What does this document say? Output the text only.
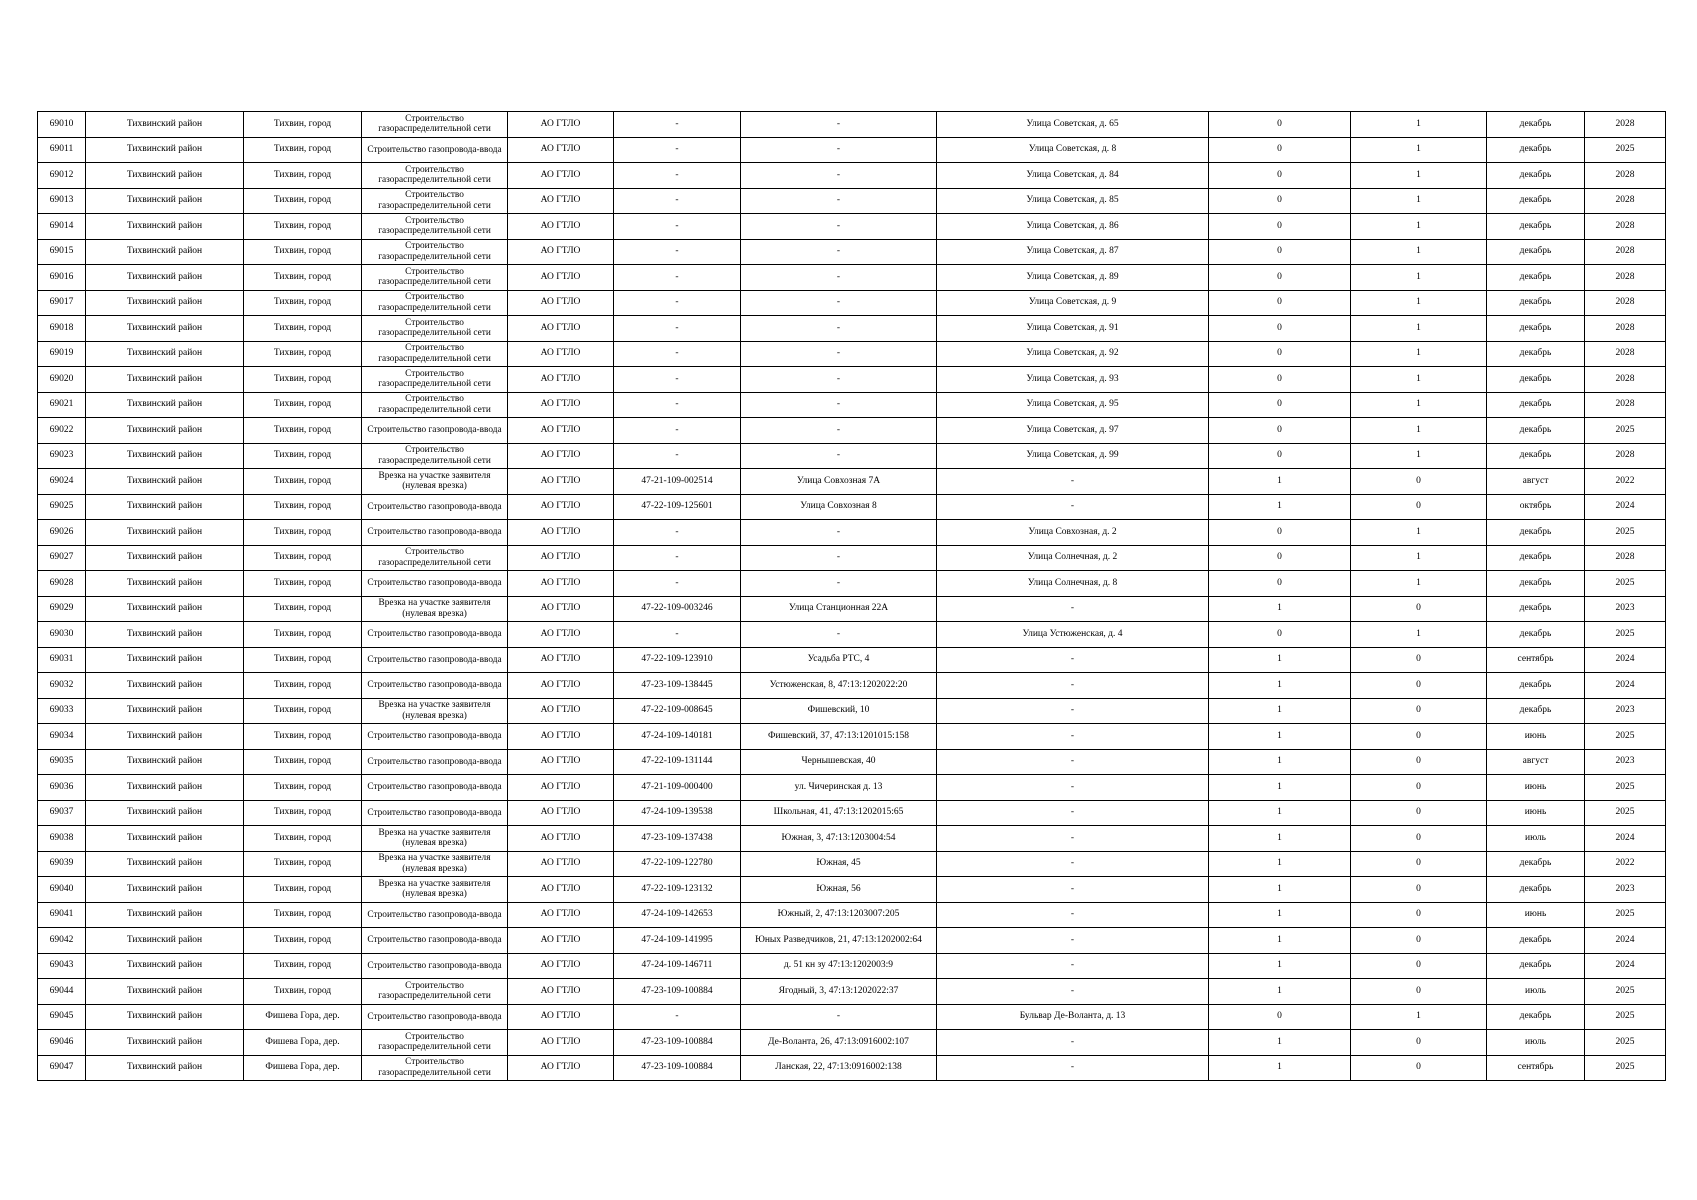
69010	Тихвинский район	Тихвин, город	Строительство газораспределительной сети	АО ГТЛО	-	-	Улица Советская, д. 65	0	1	декабрь	2028
69011	Тихвинский район	Тихвин, город	Строительство газопровода-ввода	АО ГТЛО	-	-	Улица Советская, д. 8	0	1	декабрь	2025
69012	Тихвинский район	Тихвин, город	Строительство газораспределительной сети	АО ГТЛО	-	-	Улица Советская, д. 84	0	1	декабрь	2028
69013	Тихвинский район	Тихвин, город	Строительство газораспределительной сети	АО ГТЛО	-	-	Улица Советская, д. 85	0	1	декабрь	2028
69014	Тихвинский район	Тихвин, город	Строительство газораспределительной сети	АО ГТЛО	-	-	Улица Советская, д. 86	0	1	декабрь	2028
69015	Тихвинский район	Тихвин, город	Строительство газораспределительной сети	АО ГТЛО	-	-	Улица Советская, д. 87	0	1	декабрь	2028
69016	Тихвинский район	Тихвин, город	Строительство газораспределительной сети	АО ГТЛО	-	-	Улица Советская, д. 89	0	1	декабрь	2028
69017	Тихвинский район	Тихвин, город	Строительство газораспределительной сети	АО ГТЛО	-	-	Улица Советская, д. 9	0	1	декабрь	2028
69018	Тихвинский район	Тихвин, город	Строительство газораспределительной сети	АО ГТЛО	-	-	Улица Советская, д. 91	0	1	декабрь	2028
69019	Тихвинский район	Тихвин, город	Строительство газораспределительной сети	АО ГТЛО	-	-	Улица Советская, д. 92	0	1	декабрь	2028
69020	Тихвинский район	Тихвин, город	Строительство газораспределительной сети	АО ГТЛО	-	-	Улица Советская, д. 93	0	1	декабрь	2028
69021	Тихвинский район	Тихвин, город	Строительство газораспределительной сети	АО ГТЛО	-	-	Улица Советская, д. 95	0	1	декабрь	2028
69022	Тихвинский район	Тихвин, город	Строительство газопровода-ввода	АО ГТЛО	-	-	Улица Советская, д. 97	0	1	декабрь	2025
69023	Тихвинский район	Тихвин, город	Строительство газораспределительной сети	АО ГТЛО	-	-	Улица Советская, д. 99	0	1	декабрь	2028
69024	Тихвинский район	Тихвин, город	Врезка на участке заявителя (нулевая врезка)	АО ГТЛО	47-21-109-002514	Улица Совхозная 7А	-	1	0	август	2022
69025	Тихвинский район	Тихвин, город	Строительство газопровода-ввода	АО ГТЛО	47-22-109-125601	Улица Совхозная 8	-	1	0	октябрь	2024
69026	Тихвинский район	Тихвин, город	Строительство газопровода-ввода	АО ГТЛО	-	-	Улица Совхозная, д. 2	0	1	декабрь	2025
69027	Тихвинский район	Тихвин, город	Строительство газораспределительной сети	АО ГТЛО	-	-	Улица Солнечная, д. 2	0	1	декабрь	2028
69028	Тихвинский район	Тихвин, город	Строительство газопровода-ввода	АО ГТЛО	-	-	Улица Солнечная, д. 8	0	1	декабрь	2025
69029	Тихвинский район	Тихвин, город	Врезка на участке заявителя (нулевая врезка)	АО ГТЛО	47-22-109-003246	Улица Станционная 22А	-	1	0	декабрь	2023
69030	Тихвинский район	Тихвин, город	Строительство газопровода-ввода	АО ГТЛО	-	-	Улица Устюженская, д. 4	0	1	декабрь	2025
69031	Тихвинский район	Тихвин, город	Строительство газопровода-ввода	АО ГТЛО	47-22-109-123910	Усадьба РТС, 4	-	1	0	сентябрь	2024
69032	Тихвинский район	Тихвин, город	Строительство газопровода-ввода	АО ГТЛО	47-23-109-138445	Устюженская, 8, 47:13:1202022:20	-	1	0	декабрь	2024
69033	Тихвинский район	Тихвин, город	Врезка на участке заявителя (нулевая врезка)	АО ГТЛО	47-22-109-008645	Фишевский, 10	-	1	0	декабрь	2023
69034	Тихвинский район	Тихвин, город	Строительство газопровода-ввода	АО ГТЛО	47-24-109-140181	Фишевский, 37, 47:13:1201015:158	-	1	0	июнь	2025
69035	Тихвинский район	Тихвин, город	Строительство газопровода-ввода	АО ГТЛО	47-22-109-131144	Чернышевская, 40	-	1	0	август	2023
69036	Тихвинский район	Тихвин, город	Строительство газопровода-ввода	АО ГТЛО	47-21-109-000400	ул. Чичеринская д. 13	-	1	0	июнь	2025
69037	Тихвинский район	Тихвин, город	Строительство газопровода-ввода	АО ГТЛО	47-24-109-139538	Школьная, 41, 47:13:1202015:65	-	1	0	июнь	2025
69038	Тихвинский район	Тихвин, город	Врезка на участке заявителя (нулевая врезка)	АО ГТЛО	47-23-109-137438	Южная, 3, 47:13:1203004:54	-	1	0	июль	2024
69039	Тихвинский район	Тихвин, город	Врезка на участке заявителя (нулевая врезка)	АО ГТЛО	47-22-109-122780	Южная, 45	-	1	0	декабрь	2022
69040	Тихвинский район	Тихвин, город	Врезка на участке заявителя (нулевая врезка)	АО ГТЛО	47-22-109-123132	Южная, 56	-	1	0	декабрь	2023
69041	Тихвинский район	Тихвин, город	Строительство газопровода-ввода	АО ГТЛО	47-24-109-142653	Южный, 2, 47:13:1203007:205	-	1	0	июнь	2025
69042	Тихвинский район	Тихвин, город	Строительство газопровода-ввода	АО ГТЛО	47-24-109-141995	Юных Разведчиков, 21, 47:13:1202002:64	-	1	0	декабрь	2024
69043	Тихвинский район	Тихвин, город	Строительство газопровода-ввода	АО ГТЛО	47-24-109-146711	д. 51 кн зу 47:13:1202003:9	-	1	0	декабрь	2024
69044	Тихвинский район	Тихвин, город	Строительство газораспределительной сети	АО ГТЛО	47-23-109-100884	Ягодный, 3, 47:13:1202022:37	-	1	0	июль	2025
69045	Тихвинский район	Фишева Гора, дер.	Строительство газопровода-ввода	АО ГТЛО	-	-	Бульвар Де-Воланта, д. 13	0	1	декабрь	2025
69046	Тихвинский район	Фишева Гора, дер.	Строительство газораспределительной сети	АО ГТЛО	47-23-109-100884	Де-Воланта, 26, 47:13:0916002:107	-	1	0	июль	2025
69047	Тихвинский район	Фишева Гора, дер.	Строительство газораспределительной сети	АО ГТЛО	47-23-109-100884	Ланская, 22, 47:13:0916002:138	-	1	0	сентябрь	2025
